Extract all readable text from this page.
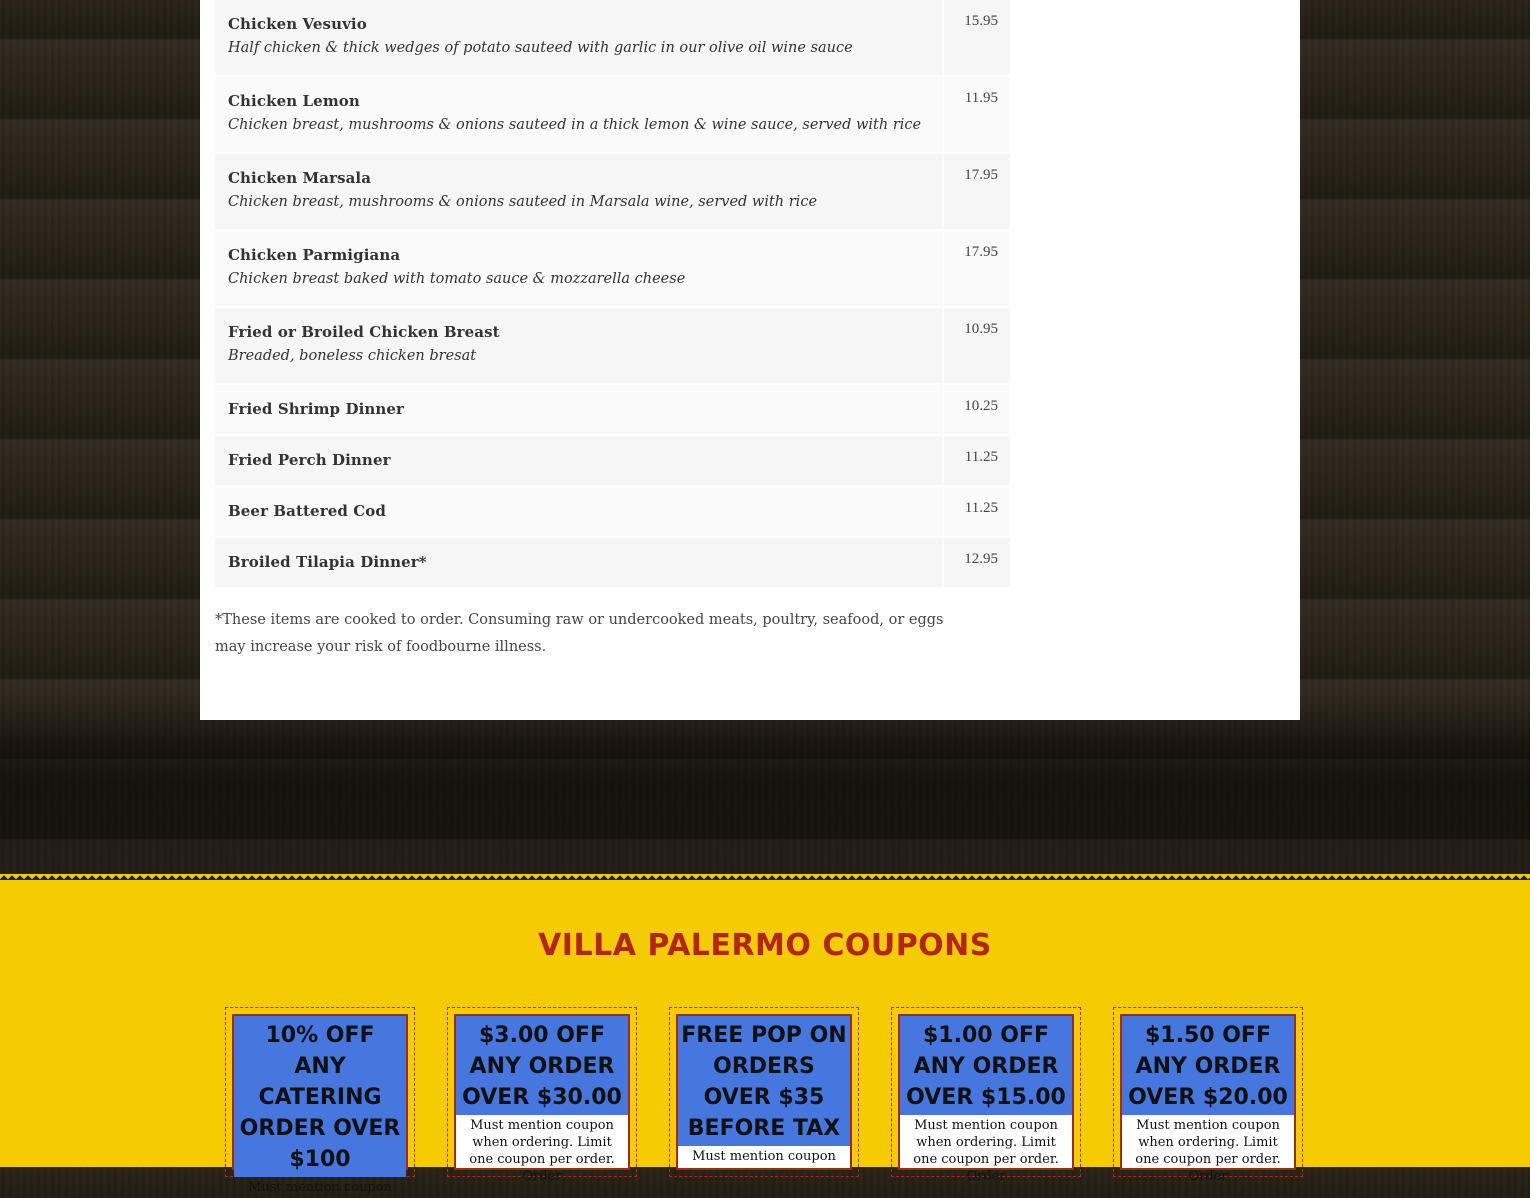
Chicken Vesuvio
Half chicken & thick wedges of potato sauteed with garlic in our olive oil wine sauce
15.95
Chicken Lemon
Chicken breast, mushrooms & onions sauteed in a thick lemon & wine sauce, served with rice
11.95
Chicken Marsala
Chicken breast, mushrooms & onions sauteed in Marsala wine, served with rice
17.95
Chicken Parmigiana
Chicken breast baked with tomato sauce & mozzarella cheese
17.95
Fried or Broiled Chicken Breast
Breaded, boneless chicken bresat
10.95
Fried Shrimp Dinner	10.25
Fried Perch Dinner	11.25
Beer Battered Cod	11.25
Broiled Tilapia Dinner*	12.95
*These items are cooked to order. Consuming raw or undercooked meats, poultry, seafood, or eggs may increase your risk of foodbourne illness.
VILLA PALERMO COUPONS
10% OFF ANY CATERING ORDER OVER $100
Must mention coupon
$3.00 OFF ANY ORDER OVER $30.00
Must mention coupon when ordering. Limit one coupon per order. Order
FREE POP ON ORDERS OVER $35 BEFORE TAX
Must mention coupon
$1.00 OFF ANY ORDER OVER $15.00
Must mention coupon when ordering. Limit one coupon per order. Order
$1.50 OFF ANY ORDER OVER $20.00
Must mention coupon when ordering. Limit one coupon per order. Order
